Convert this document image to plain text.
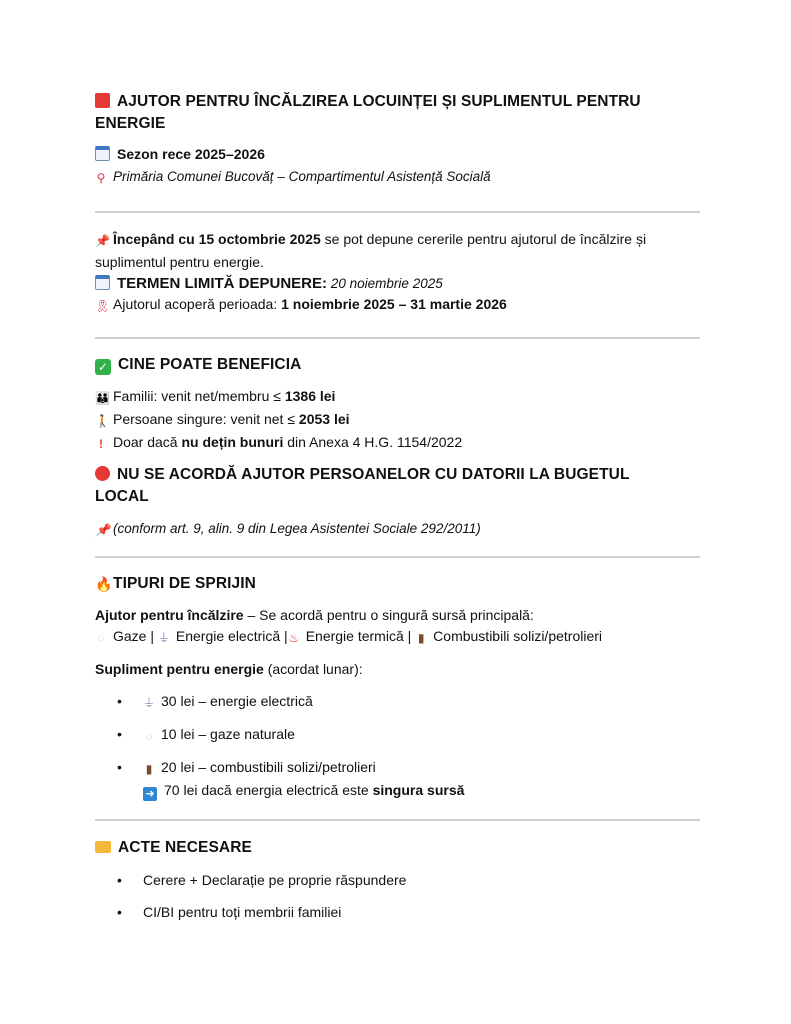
AJUTOR PENTRU ÎNCĂLZIREA LOCUINȚEI ȘI SUPLIMENTUL PENTRU
ENERGIE
Sezon rece 2025–2026
⚲ Primăria Comunei Bucovăț – Compartimentul Asistență Socială
📌 Începând cu 15 octombrie 2025 se pot depune cererile pentru ajutorul de încălzire și
suplimentul pentru energie.
TERMEN LIMITĂ DEPUNERE: 20 noiembrie 2025
🎗 Ajutorul acoperă perioada: 1 noiembrie 2025 – 31 martie 2026
✓ CINE POATE BENEFICIA
👪 Familii: venit net/membru ≤ 1386 lei
🚶 Persoane singure: venit net ≤ 2053 lei
! Doar dacă nu dețin bunuri din Anexa 4 H.G. 1154/2022
NU SE ACORDĂ AJUTOR PERSOANELOR CU DATORII LA BUGETUL
LOCAL
📌 (conform art. 9, alin. 9 din Legea Asistentei Sociale 292/2011)
🔥TIPURI DE SPRIJIN
Ajutor pentru încălzire – Se acordă pentru o singură sursă principală:
◌ Gaze | ⏚ Energie electrică |♨ Energie termică | ▮ Combustibili solizi/petrolieri
Supliment pentru energie (acordat lunar):
• ⏚ 30 lei – energie electrică
• ◌ 10 lei – gaze naturale
• ▮ 20 lei – combustibili solizi/petrolieri
➜ 70 lei dacă energia electrică este singura sursă
ACTE NECESARE
• Cerere + Declarație pe proprie răspundere
• CI/BI pentru toți membrii familiei
